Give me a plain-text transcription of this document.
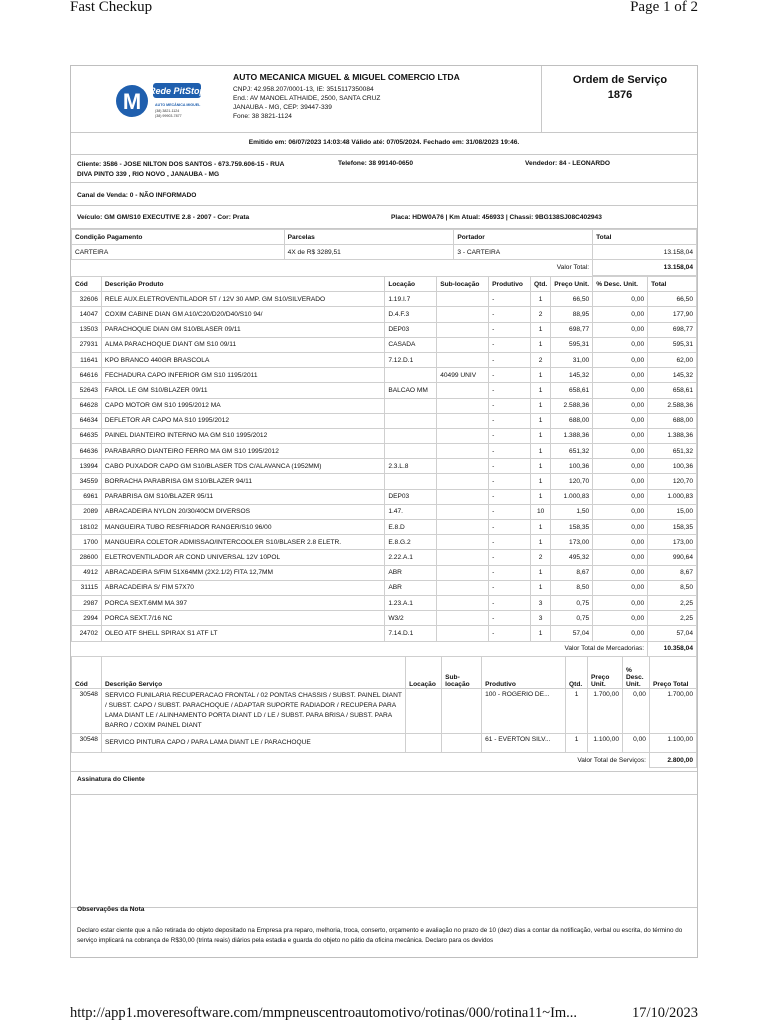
Fast Checkup	Page 1 of 2
M Rede PitStop
AUTO MECÂNICA MIGUEL
(38) 3821-1124
(38) 99903-7877
AUTO MECANICA MIGUEL & MIGUEL COMERCIO LTDA
CNPJ: 42.958.207/0001-13, IE: 3515117350084
End.: AV MANOEL ATHAIDE, 2500, SANTA CRUZ
JANAUBA - MG, CEP: 39447-339
Fone: 38 3821-1124
Ordem de Serviço
1876
Emitido em: 06/07/2023 14:03:48 Válido até: 07/05/2024. Fechado em: 31/08/2023 19:46.
Cliente: 3586 - JOSE NILTON DOS SANTOS - 673.759.606-15 - RUA
DIVA PINTO 339 , RIO NOVO , JANAUBA - MG
Telefone: 38 99140-0650	Vendedor: 84 - LEONARDO
Canal de Venda: 0 - NÃO INFORMADO
Veículo: GM GM/S10 EXECUTIVE 2.8 - 2007 - Cor: Prata	Placa: HDW0A76 | Km Atual: 456933 | Chassi: 9BG138SJ08C402943
Condição Pagamento	Parcelas	Portador	Total
CARTEIRA	4X de R$ 3289,51	3 - CARTEIRA	13.158,04
Valor Total:			13.158,04
Cód	Descrição Produto	Locação	Sub-locação	Produtivo	Qtd.	Preço Unit.	% Desc. Unit.	Total
32606	RELE AUX.ELETROVENTILADOR 5T / 12V 30 AMP. GM S10/SILVERADO	1.19.I.7		-	1	66,50	0,00	66,50
14047	COXIM CABINE DIAN GM A10/C20/D20/D40/S10 94/	D.4.F.3		-	2	88,95	0,00	177,90
13503	PARACHOQUE DIAN GM S10/BLASER 09/11	DEP03		-	1	698,77	0,00	698,77
27931	ALMA PARACHOQUE DIANT GM S10 09/11	CASADA		-	1	595,31	0,00	595,31
11641	KPO BRANCO 440GR BRASCOLA	7.12.D.1		-	2	31,00	0,00	62,00
64616	FECHADURA CAPO INFERIOR GM S10 1195/2011		40499 UNIV	-	1	145,32	0,00	145,32
52643	FAROL LE GM S10/BLAZER 09/11	BALCAO MM		-	1	658,61	0,00	658,61
64628	CAPO MOTOR GM S10 1995/2012 MA			-	1	2.588,36	0,00	2.588,36
64634	DEFLETOR AR CAPO MA S10 1995/2012			-	1	688,00	0,00	688,00
64635	PAINEL DIANTEIRO INTERNO MA GM S10 1995/2012			-	1	1.388,36	0,00	1.388,36
64636	PARABARRO DIANTEIRO FERRO MA GM S10 1995/2012			-	1	651,32	0,00	651,32
13994	CABO PUXADOR CAPO GM S10/BLASER TDS C/ALAVANCA (1952MM)	2.3.L.8		-	1	100,36	0,00	100,36
34559	BORRACHA PARABRISA GM S10/BLAZER 94/11			-	1	120,70	0,00	120,70
6961	PARABRISA GM S10/BLAZER 95/11	DEP03		-	1	1.000,83	0,00	1.000,83
2089	ABRACADEIRA NYLON 20/30/40CM DIVERSOS	1.47.		-	10	1,50	0,00	15,00
18102	MANGUEIRA TUBO RESFRIADOR RANGER/S10 96/00	E.8.D		-	1	158,35	0,00	158,35
1700	MANGUEIRA COLETOR ADMISSAO/INTERCOOLER S10/BLASER 2.8 ELETR.	E.8.G.2		-	1	173,00	0,00	173,00
28600	ELETROVENTILADOR AR COND UNIVERSAL 12V 10POL	2.22.A.1		-	2	495,32	0,00	990,64
4912	ABRACADEIRA S/FIM 51X64MM (2X2.1/2) FITA 12,7MM	ABR		-	1	8,67	0,00	8,67
31115	ABRACADEIRA S/ FIM 57X70	ABR		-	1	8,50	0,00	8,50
2987	PORCA SEXT.6MM MA 397	1.23.A.1		-	3	0,75	0,00	2,25
2994	PORCA SEXT.7/16 NC	W3/2		-	3	0,75	0,00	2,25
24702	OLEO ATF SHELL SPIRAX S1 ATF LT	7.14.D.1		-	1	57,04	0,00	57,04
Valor Total de Mercadorias:								10.358,04
Cód	Descrição Serviço	Locação	Sub-locação	Produtivo	Qtd.	Preço Unit.	% Desc. Unit.	Preço Total
30548	SERVICO FUNILARIA RECUPERACAO FRONTAL / 02 PONTAS CHASSIS / SUBST. PAINEL DIANT / SUBST. CAPO / SUBST. PARACHOQUE / ADAPTAR SUPORTE RADIADOR / RECUPERA PARA LAMA DIANT LE / ALINHAMENTO PORTA DIANT LD / LE / SUBST. PARA BRISA / SUBST. PARA BARRO / COXIM PAINEL DIANT			100 - ROGERIO DE...	1	1.700,00	0,00	1.700,00
30548	SERVICO PINTURA CAPO / PARA LAMA DIANT LE / PARACHOQUE			61 - EVERTON SILV...	1	1.100,00	0,00	1.100,00
Valor Total de Serviços:								2.800,00
Assinatura do Cliente
Observações da Nota
Declaro estar ciente que a não retirada do objeto depositado na Empresa pra reparo, melhoria, troca, conserto, orçamento e avaliação no prazo de 10 (dez) dias a contar da notificação, verbal ou escrita, do término do serviço implicará na cobrança de R$30,00 (trinta reais) diários pela estadia e guarda do objeto no pátio da oficina mecânica. Declaro para os devidos
http://app1.moveresoftware.com/mmpneuscentroautomotivo/rotinas/000/rotina11~Im...	17/10/2023
